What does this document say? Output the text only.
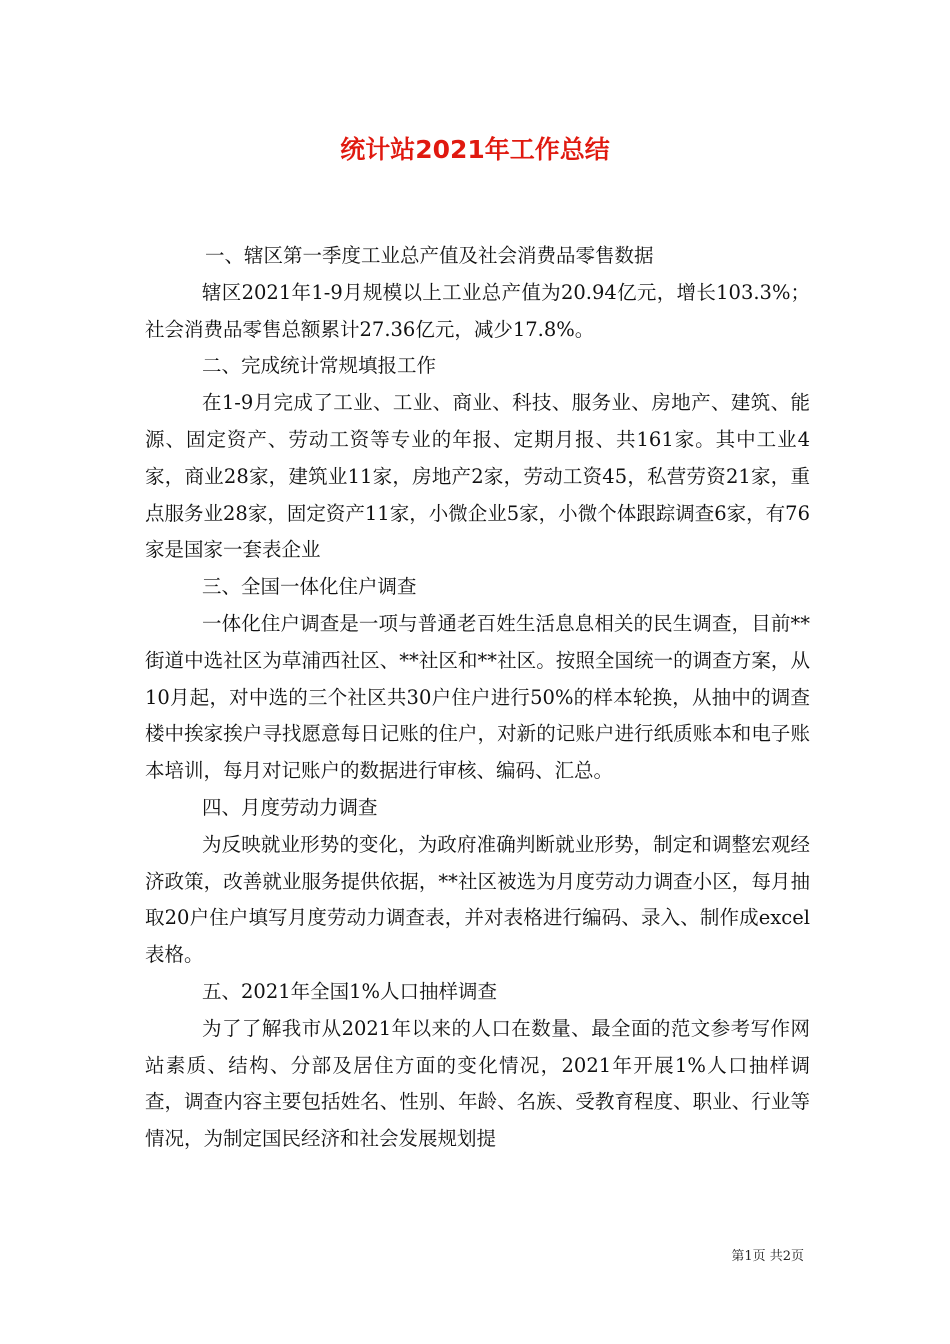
统计站2021年工作总结

一、辖区第一季度工业总产值及社会消费品零售数据

辖区2021年1-9月规模以上工业总产值为20.94亿元，增长103.3%；社会消费品零售总额累计27.36亿元，减少17.8%。

二、完成统计常规填报工作

在1-9月完成了工业、工业、商业、科技、服务业、房地产、建筑、能源、固定资产、劳动工资等专业的年报、定期月报、共161家。其中工业4家，商业28家，建筑业11家，房地产2家，劳动工资45，私营劳资21家，重点服务业28家，固定资产11家，小微企业5家，小微个体跟踪调查6家，有76家是国家一套表企业

三、全国一体化住户调查

一体化住户调查是一项与普通老百姓生活息息相关的民生调查，目前**街道中选社区为草浦西社区、**社区和**社区。按照全国统一的调查方案，从10月起，对中选的三个社区共30户住户进行50%的样本轮换，从抽中的调查楼中挨家挨户寻找愿意每日记账的住户，对新的记账户进行纸质账本和电子账本培训，每月对记账户的数据进行审核、编码、汇总。

四、月度劳动力调查

为反映就业形势的变化，为政府准确判断就业形势，制定和调整宏观经济政策，改善就业服务提供依据，**社区被选为月度劳动力调查小区，每月抽取20户住户填写月度劳动力调查表，并对表格进行编码、录入、制作成excel表格。

五、2021年全国1%人口抽样调查

为了了解我市从2021年以来的人口在数量、最全面的范文参考写作网站素质、结构、分部及居住方面的变化情况，2021年开展1%人口抽样调查，调查内容主要包括姓名、性别、年龄、名族、受教育程度、职业、行业等情况，为制定国民经济和社会发展规划提

第1页 共2页
